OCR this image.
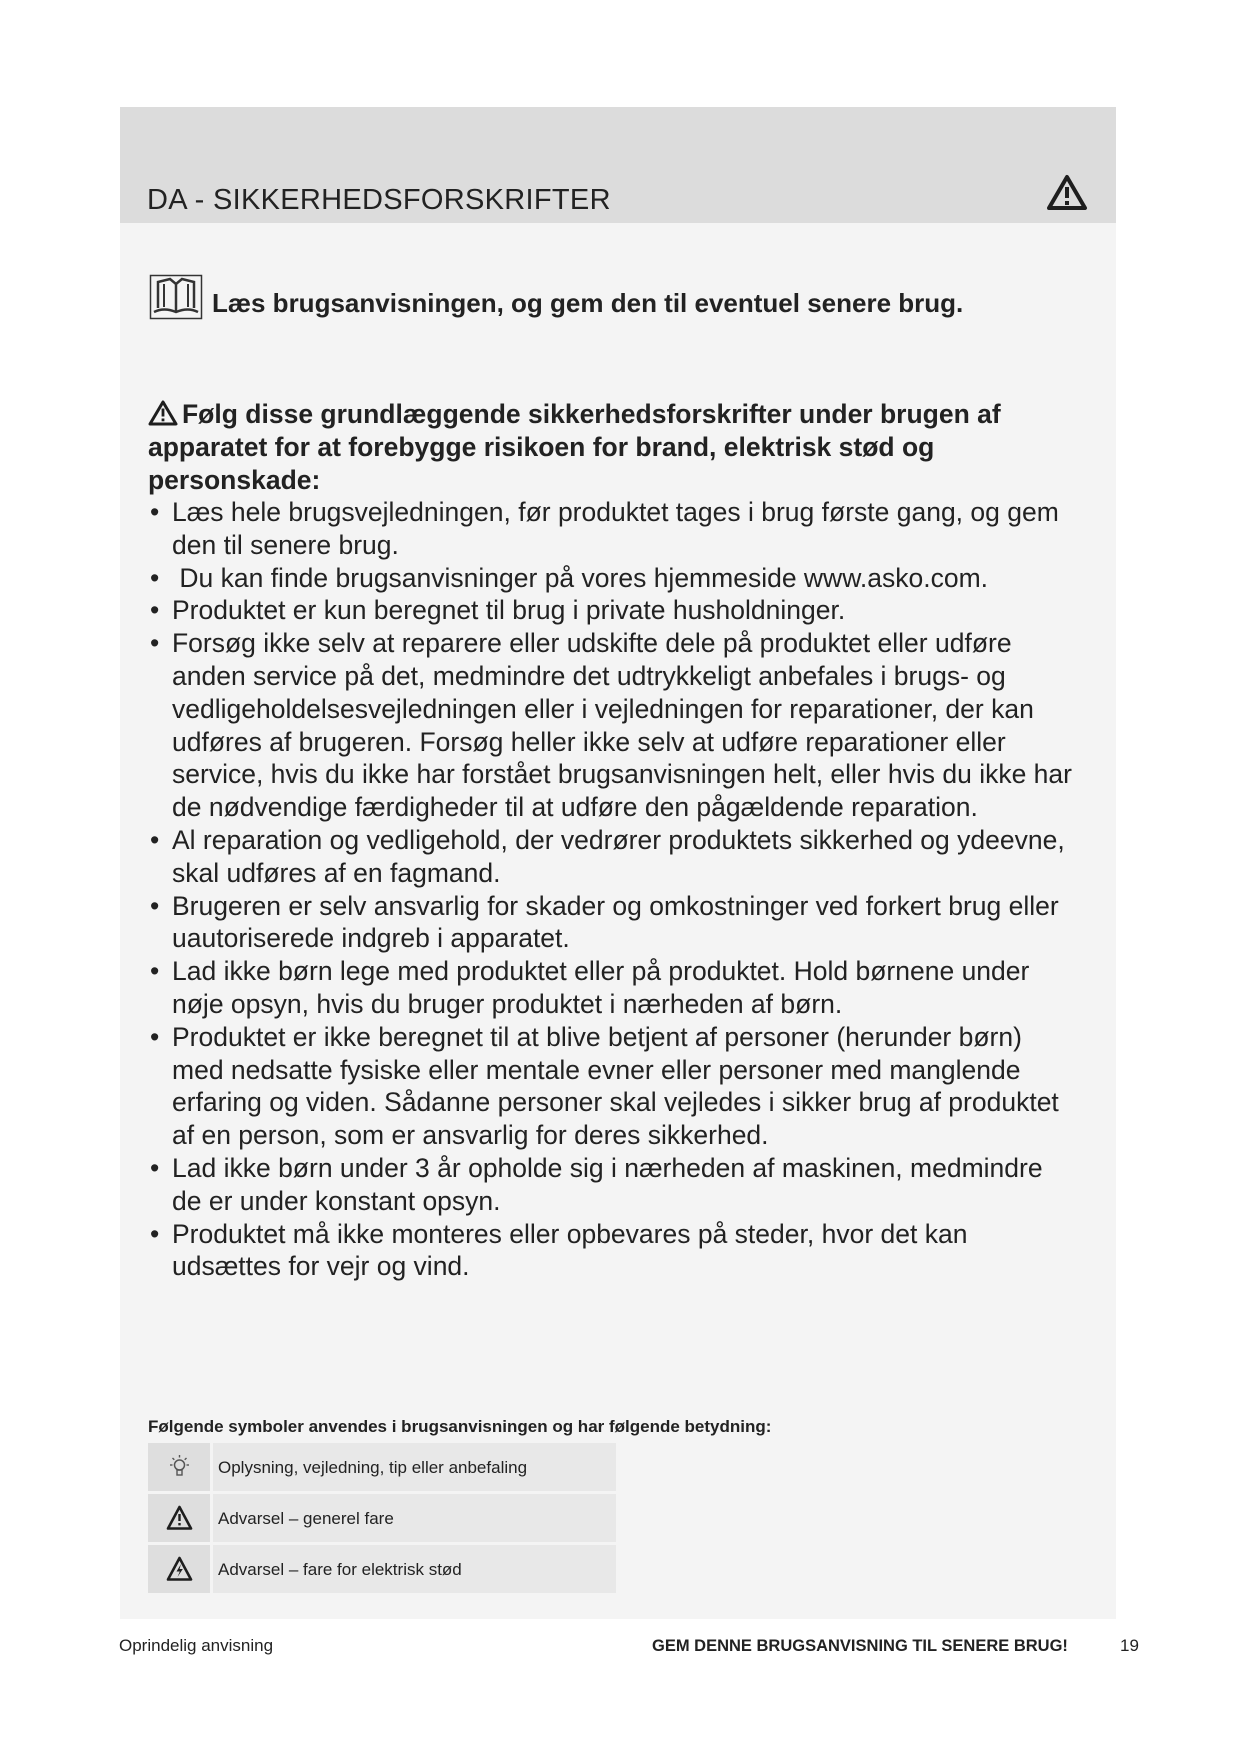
DA - SIKKERHEDSFORSKRIFTER
Læs brugsanvisningen, og gem den til eventuel senere brug.
Følg disse grundlæggende sikkerhedsforskrifter under brugen af apparatet for at forebygge risikoen for brand, elektrisk stød og personskade:
• Læs hele brugsvejledningen, før produktet tages i brug første gang, og gem
den til senere brug.
• Du kan finde brugsanvisninger på vores hjemmeside www.asko.com.
• Produktet er kun beregnet til brug i private husholdninger.
• Forsøg ikke selv at reparere eller udskifte dele på produktet eller udføre
anden service på det, medmindre det udtrykkeligt anbefales i brugs- og
vedligeholdelsesvejledningen eller i vejledningen for reparationer, der kan
udføres af brugeren. Forsøg heller ikke selv at udføre reparationer eller
service, hvis du ikke har forstået brugsanvisningen helt, eller hvis du ikke har
de nødvendige færdigheder til at udføre den pågældende reparation.
• Al reparation og vedligehold, der vedrører produktets sikkerhed og ydeevne,
skal udføres af en fagmand.
• Brugeren er selv ansvarlig for skader og omkostninger ved forkert brug eller
uautoriserede indgreb i apparatet.
• Lad ikke børn lege med produktet eller på produktet. Hold børnene under
nøje opsyn, hvis du bruger produktet i nærheden af børn.
• Produktet er ikke beregnet til at blive betjent af personer (herunder børn)
med nedsatte fysiske eller mentale evner eller personer med manglende
erfaring og viden. Sådanne personer skal vejledes i sikker brug af produktet
af en person, som er ansvarlig for deres sikkerhed.
• Lad ikke børn under 3 år opholde sig i nærheden af maskinen, medmindre
de er under konstant opsyn.
• Produktet må ikke monteres eller opbevares på steder, hvor det kan
udsættes for vejr og vind.
Følgende symboler anvendes i brugsanvisningen og har følgende betydning:
Oplysning, vejledning, tip eller anbefaling
Advarsel – generel fare
Advarsel – fare for elektrisk stød
Oprindelig anvisning	GEM DENNE BRUGSANVISNING TIL SENERE BRUG!	19
